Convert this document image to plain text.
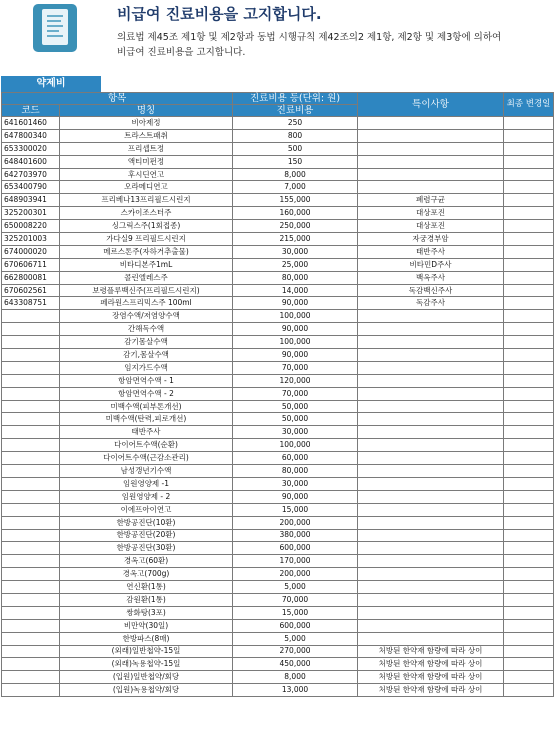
비급여 진료비용을 고지합니다.
의료법 제45조 제1항 및 제2항과 동법 시행규칙 제42조의2 제1항, 제2항 및 제3항에 의하여
비급여 진료비용을 고지합니다.
약제비
항목		진료비용 등(단위: 원)	특이사항	최종 변경일
코드	명칭	진료비용		
641601460	비아제정	250		
647800340	트라스트패취	800		
653300020	프리셉트정	500		
648401600	액티미펀정	150		
642703970	후시딘연고	8,000		
653400790	오라메디연고	7,000		
648903941	프리베나13프리필드시린지	155,000	폐렴구균	
325200301	스카이조스터주	160,000	대상포진	
650008220	싱그릭스주(1회접종)	250,000	대상포진	
325201003	가다실9 프리필드시린지	215,000	자궁경부암	
674000020	메르스톤주(자하거추출물)	30,000	태반주사	
670606711	비타디본주1mL	25,000	비타민D주사	
662800081	콜린엘레스주	80,000	백옥주사	
670602561	보령플루백신주(프리필드시린지)	14,000	독감백신주사	
643308751	페라원스프리믹스주 100ml	90,000	독감주사	
	장염수액/저염양수액	100,000		
	간해독수액	90,000		
	감기몸살수액	100,000		
	감기,몸살수액	90,000		
	임지가드수액	70,000		
	항암면역수액 - 1	120,000		
	항암면역수액 - 2	70,000		
	미백수액(피부톤개선)	50,000		
	미백수액(탄력,피로개선)	50,000		
	태반주사	30,000		
	다이어트수액(순환)	100,000		
	다이어트수액(근감소관리)	60,000		
	남성갱년기수액	80,000		
	임원영양제 -1	30,000		
	임원영양제 - 2	90,000		
	이에프아이연고	15,000		
	한방공진단(10환)	200,000		
	한방공진단(20환)	380,000		
	한방공진단(30환)	600,000		
	경옥고(60환)	170,000		
	경옥고(700g)	200,000		
	연신환(1통)	5,000		
	감원환(1통)	70,000		
	쌍화탕(3포)	15,000		
	비만약(30일)	600,000		
	한방파스(8매)	5,000		
	(외래)일반첩약-15일	270,000	처방된 한약재 함량에 따라 상이	
	(외래)녹용첩약-15일	450,000	처방된 한약재 함량에 따라 상이	
	(입원)일반첩약/회당	8,000	처방된 한약재 함량에 따라 상이	
	(입원)녹용첩약/회당	13,000	처방된 한약재 함량에 따라 상이	
